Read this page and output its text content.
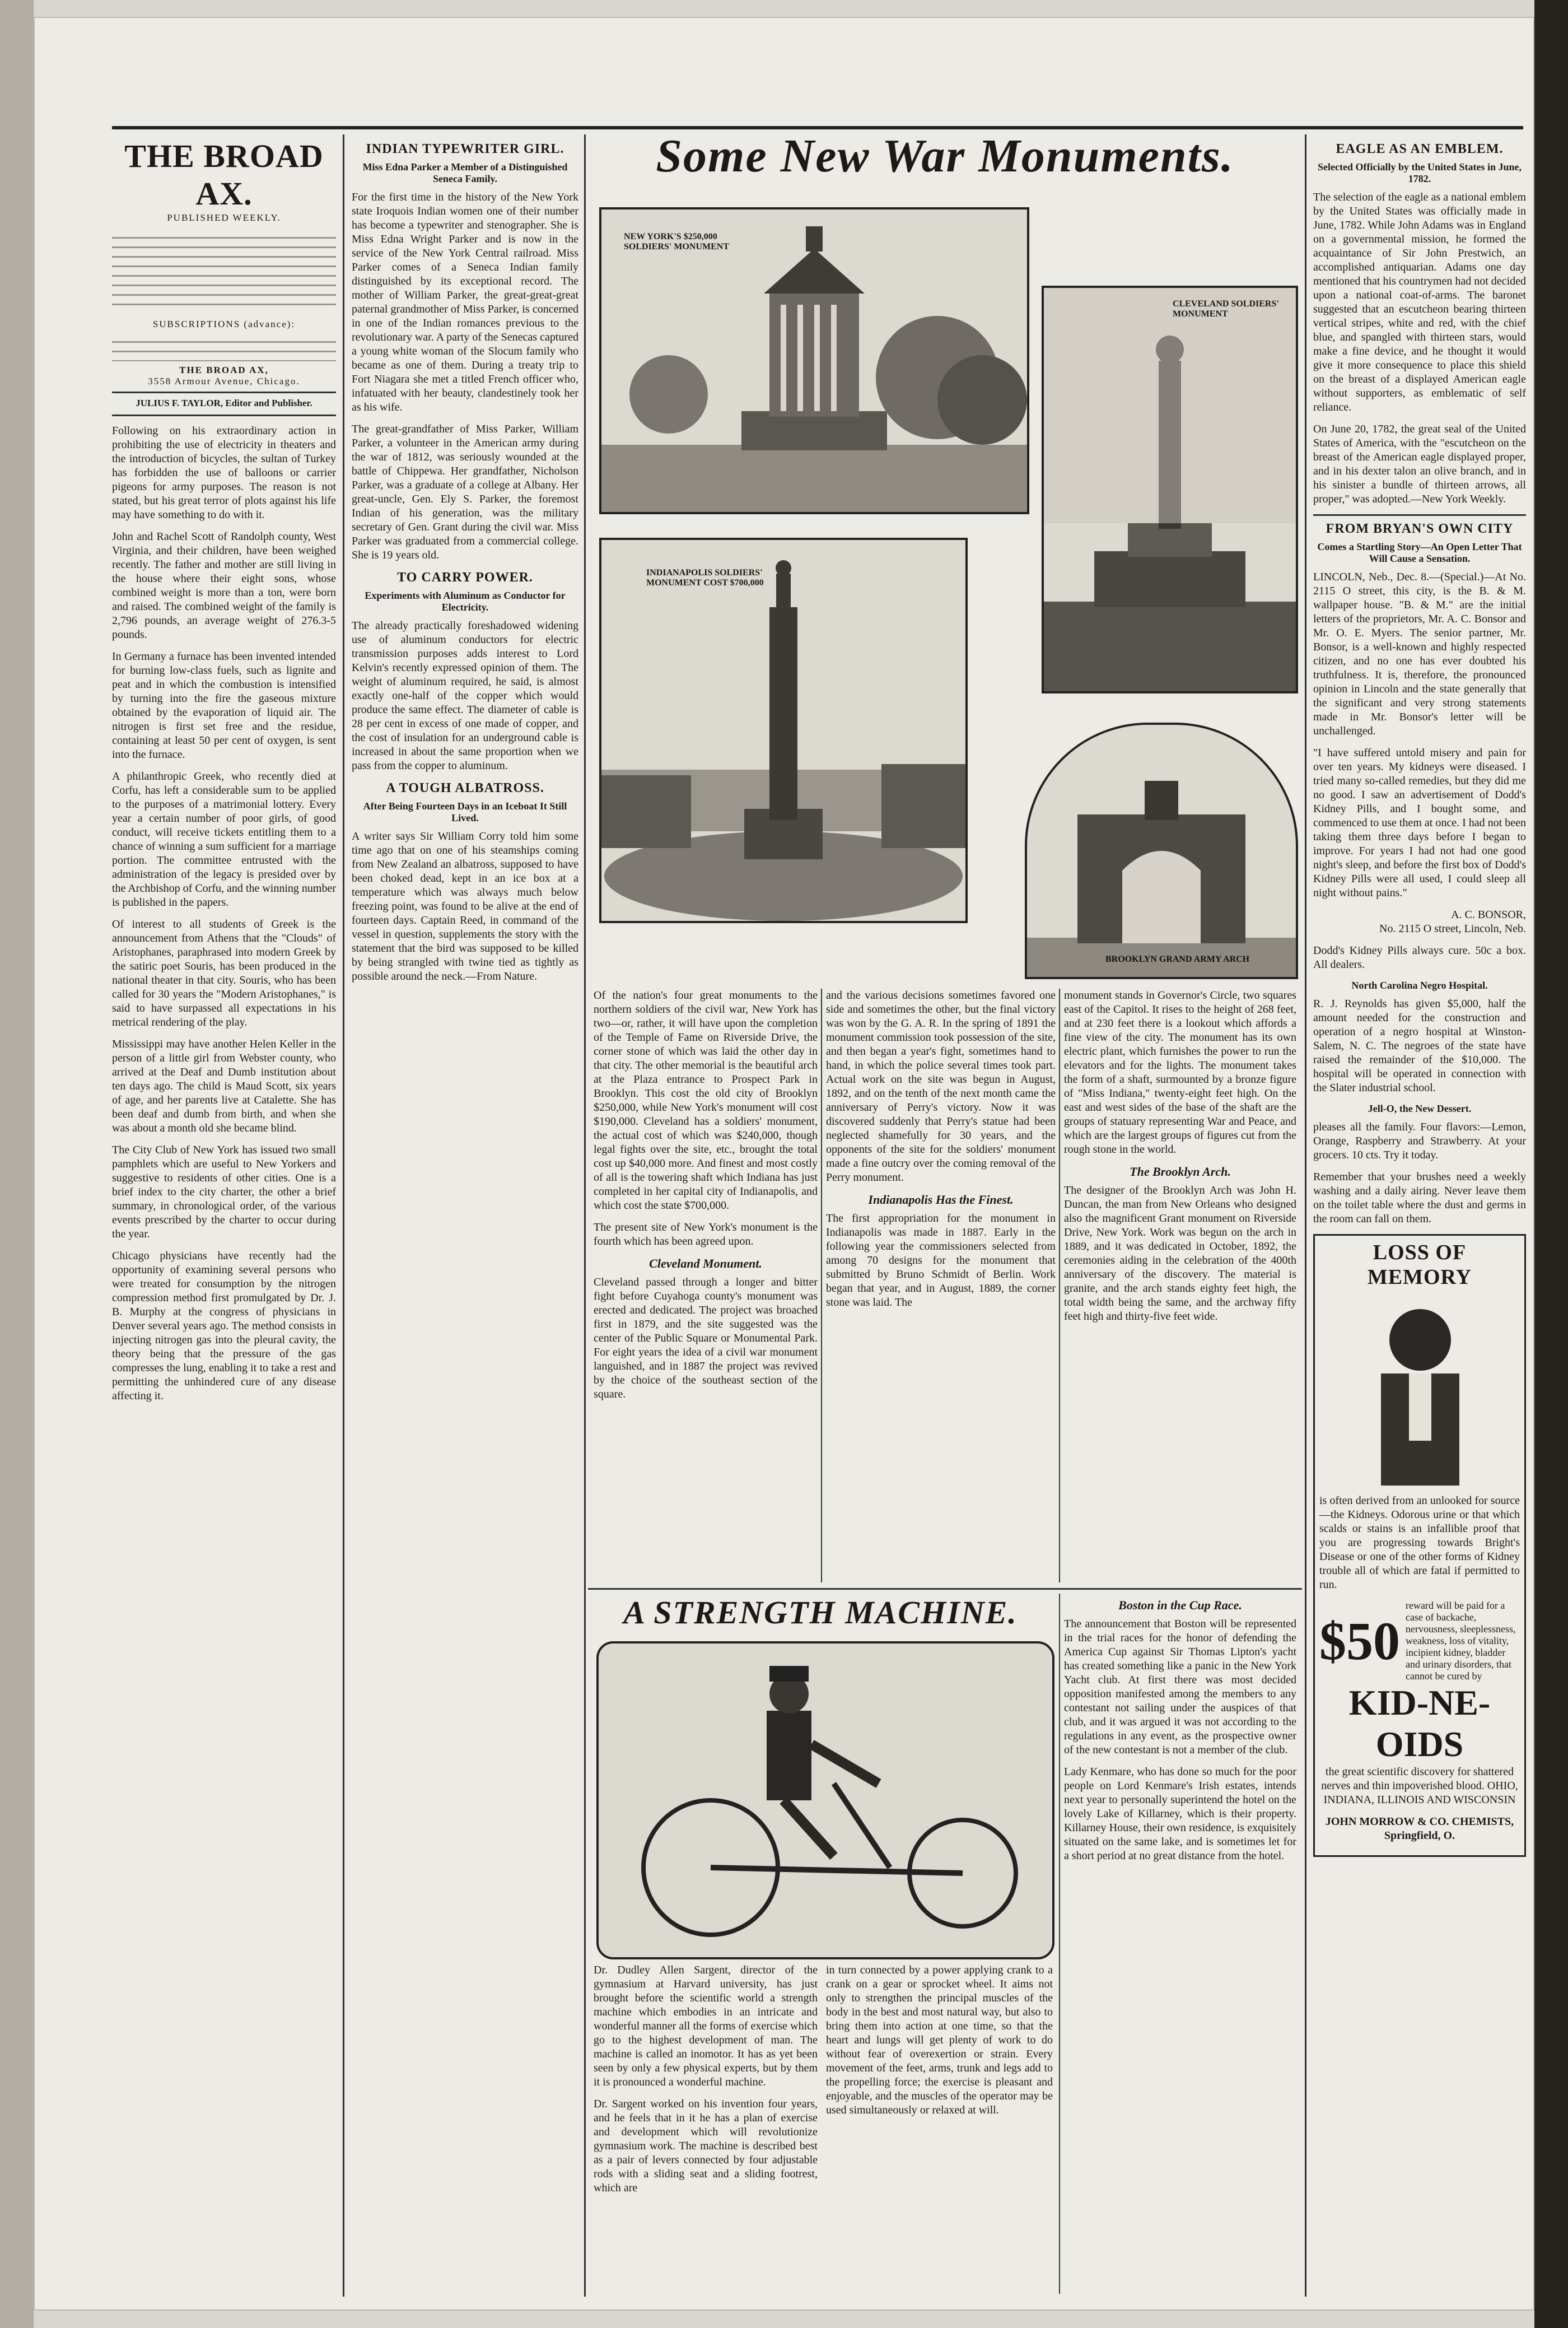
THE BROAD AX.
PUBLISHED WEEKLY.
SUBSCRIPTIONS (advance):
THE BROAD AX,
3558 Armour Avenue, Chicago.
JULIUS F. TAYLOR, Editor and Publisher.

Following on his extraordinary action in prohibiting the use of electricity in theaters and the introduction of bicycles, the sultan of Turkey has forbidden the use of balloons or carrier pigeons for army purposes. The reason is not stated, but his great terror of plots against his life may have something to do with it.

John and Rachel Scott of Randolph county, West Virginia, and their children, have been weighed recently. The father and mother are still living in the house where their eight sons, whose combined weight is more than a ton, were born and raised. The combined weight of the family is 2,796 pounds, an average weight of 276.3-5 pounds.

In Germany a furnace has been invented intended for burning low-class fuels, such as lignite and peat and in which the combustion is intensified by turning into the fire the gaseous mixture obtained by the evaporation of liquid air. The nitrogen is first set free and the residue, containing at least 50 per cent of oxygen, is sent into the furnace.

A philanthropic Greek, who recently died at Corfu, has left a considerable sum to be applied to the purposes of a matrimonial lottery. Every year a certain number of poor girls, of good conduct, will receive tickets entitling them to a chance of winning a sum sufficient for a marriage portion. The committee entrusted with the administration of the legacy is presided over by the Archbishop of Corfu, and the winning number is published in the papers.

Of interest to all students of Greek is the announcement from Athens that the "Clouds" of Aristophanes, paraphrased into modern Greek by the satiric poet Souris, has been produced in the national theater in that city. Souris, who has been called for 30 years the "Modern Aristophanes," is said to have surpassed all expectations in his metrical rendering of the play.

Mississippi may have another Helen Keller in the person of a little girl from Webster county, who arrived at the Deaf and Dumb institution about ten days ago. The child is Maud Scott, six years of age, and her parents live at Catalette. She has been deaf and dumb from birth, and when she was about a month old she became blind.

The City Club of New York has issued two small pamphlets which are useful to New Yorkers and suggestive to residents of other cities. One is a brief index to the city charter, the other a brief summary, in chronological order, of the various events prescribed by the charter to occur during the year.

Chicago physicians have recently had the opportunity of examining several persons who were treated for consumption by the nitrogen compression method first promulgated by Dr. J. B. Murphy at the congress of physicians in Denver several years ago. The method consists in injecting nitrogen gas into the pleural cavity, the theory being that the pressure of the gas compresses the lung, enabling it to take a rest and permitting the unhindered cure of any disease affecting it.

INDIAN TYPEWRITER GIRL.
Miss Edna Parker a Member of a Distinguished Seneca Family.

For the first time in the history of the New York state Iroquois Indian women one of their number has become a typewriter and stenographer. She is Miss Edna Wright Parker and is now in the service of the New York Central railroad. Miss Parker comes of a Seneca Indian family distinguished by its exceptional record. The mother of William Parker, the great-great-great paternal grandmother of Miss Parker, is concerned in one of the Indian romances previous to the revolutionary war. A party of the Senecas captured a young white woman of the Slocum family who became as one of them. During a treaty trip to Fort Niagara she met a titled French officer who, infatuated with her beauty, clandestinely took her as his wife.

The great-grandfather of Miss Parker, William Parker, a volunteer in the American army during the war of 1812, was seriously wounded at the battle of Chippewa. Her grandfather, Nicholson Parker, was a graduate of a college at Albany. Her great-uncle, Gen. Ely S. Parker, the foremost Indian of his generation, was the military secretary of Gen. Grant during the civil war. Miss Parker was graduated from a commercial college. She is 19 years old.

TO CARRY POWER.
Experiments with Aluminum as Conductor for Electricity.

The already practically foreshadowed widening use of aluminum conductors for electric transmission purposes adds interest to Lord Kelvin's recently expressed opinion of them. The weight of aluminum required, he said, is almost exactly one-half of the copper which would produce the same effect. The diameter of cable is 28 per cent in excess of one made of copper, and the cost of insulation for an underground cable is increased in about the same proportion when we pass from the copper to aluminum.

A TOUGH ALBATROSS.
After Being Fourteen Days in an Iceboat It Still Lived.

A writer says Sir William Corry told him some time ago that on one of his steamships coming from New Zealand an albatross, supposed to have been choked dead, kept in an ice box at a temperature which was always much below freezing point, was found to be alive at the end of fourteen days. Captain Reed, in command of the vessel in question, supplements the story with the statement that the bird was supposed to be killed by being strangled with twine tied as tightly as possible around the neck.—From Nature.

Some New War Monuments.
NEW YORK'S $250,000 SOLDIERS' MONUMENT
CLEVELAND SOLDIERS' MONUMENT
INDIANAPOLIS SOLDIERS' MONUMENT COST $700,000
BROOKLYN GRAND ARMY ARCH

Of the nation's four great monuments to the northern soldiers of the civil war, New York has two—or, rather, it will have upon the completion of the Temple of Fame on Riverside Drive, the corner stone of which was laid the other day in that city. The other memorial is the beautiful arch at the Plaza entrance to Prospect Park in Brooklyn. This cost the old city of Brooklyn $250,000, while New York's monument will cost $190,000. Cleveland has a soldiers' monument, the actual cost of which was $240,000, though legal fights over the site, etc., brought the total cost up $40,000 more. And finest and most costly of all is the towering shaft which Indiana has just completed in her capital city of Indianapolis, and which cost the state $700,000.

The present site of New York's monument is the fourth which has been agreed upon.

Cleveland Monument.

Cleveland passed through a longer and bitter fight before Cuyahoga county's monument was erected and dedicated. The project was broached first in 1879, and the site suggested was the center of the Public Square or Monumental Park. For eight years the idea of a civil war monument languished, and in 1887 the project was revived by the choice of the southeast section of the square.

and the various decisions sometimes favored one side and sometimes the other, but the final victory was won by the G. A. R. In the spring of 1891 the monument commission took possession of the site, and then began a year's fight, sometimes hand to hand, in which the police several times took part. Actual work on the site was begun in August, 1892, and on the tenth of the next month came the anniversary of Perry's victory. Now it was discovered suddenly that Perry's statue had been neglected shamefully for 30 years, and the opponents of the site for the soldiers' monument made a fine outcry over the coming removal of the Perry monument.

Indianapolis Has the Finest.

The first appropriation for the monument in Indianapolis was made in 1887. Early in the following year the commissioners selected from among 70 designs for the monument that submitted by Bruno Schmidt of Berlin. Work began that year, and in August, 1889, the corner stone was laid. The

monument stands in Governor's Circle, two squares east of the Capitol. It rises to the height of 268 feet, and at 230 feet there is a lookout which affords a fine view of the city. The monument has its own electric plant, which furnishes the power to run the elevators and for the lights. The monument takes the form of a shaft, surmounted by a bronze figure of "Miss Indiana," twenty-eight feet high. On the east and west sides of the base of the shaft are the groups of statuary representing War and Peace, and which are the largest groups of figures cut from the rough stone in the world.

The Brooklyn Arch.

The designer of the Brooklyn Arch was John H. Duncan, the man from New Orleans who designed also the magnificent Grant monument on Riverside Drive, New York. Work was begun on the arch in 1889, and it was dedicated in October, 1892, the ceremonies aiding in the celebration of the 400th anniversary of the discovery. The material is granite, and the arch stands eighty feet high, the total width being the same, and the archway fifty feet high and thirty-five feet wide.

A STRENGTH MACHINE.

Dr. Dudley Allen Sargent, director of the gymnasium at Harvard university, has just brought before the scientific world a strength machine which embodies in an intricate and wonderful manner all the forms of exercise which go to the highest development of man. The machine is called an inomotor. It has as yet been seen by only a few physical experts, but by them it is pronounced a wonderful machine.

Dr. Sargent worked on his invention four years, and he feels that in it he has a plan of exercise and development which will revolutionize gymnasium work. The machine is described best as a pair of levers connected by four adjustable rods with a sliding seat and a sliding footrest, which are

in turn connected by a power applying crank to a crank on a gear or sprocket wheel. It aims not only to strengthen the principal muscles of the body in the best and most natural way, but also to bring them into action at one time, so that the heart and lungs will get plenty of work to do without fear of overexertion or strain. Every movement of the feet, arms, trunk and legs add to the propelling force; the exercise is pleasant and enjoyable, and the muscles of the operator may be used simultaneously or relaxed at will.

Boston in the Cup Race.

The announcement that Boston will be represented in the trial races for the honor of defending the America Cup against Sir Thomas Lipton's yacht has created something like a panic in the New York Yacht club. At first there was most decided opposition manifested among the members to any contestant not sailing under the auspices of that club, and it was argued it was not according to the regulations in any event, as the prospective owner of the new contestant is not a member of the club.

Lady Kenmare, who has done so much for the poor people on Lord Kenmare's Irish estates, intends next year to personally superintend the hotel on the lovely Lake of Killarney, which is their property. Killarney House, their own residence, is exquisitely situated on the same lake, and is sometimes let for a short period at no great distance from the hotel.

EAGLE AS AN EMBLEM.
Selected Officially by the United States in June, 1782.

The selection of the eagle as a national emblem by the United States was officially made in June, 1782. While John Adams was in England on a governmental mission, he formed the acquaintance of Sir John Prestwich, an accomplished antiquarian. Adams one day mentioned that his countrymen had not decided upon a national coat-of-arms. The baronet suggested that an escutcheon bearing thirteen vertical stripes, white and red, with the chief blue, and spangled with thirteen stars, would make a fine device, and he thought it would give it more consequence to place this shield on the breast of a displayed American eagle without supporters, as emblematic of self reliance.

On June 20, 1782, the great seal of the United States of America, with the "escutcheon on the breast of the American eagle displayed proper, and in his dexter talon an olive branch, and in his sinister a bundle of thirteen arrows, all proper," was adopted.—New York Weekly.

FROM BRYAN'S OWN CITY
Comes a Startling Story—An Open Letter That Will Cause a Sensation.

LINCOLN, Neb., Dec. 8.—(Special.)—At No. 2115 O street, this city, is the B. & M. wallpaper house. "B. & M." are the initial letters of the proprietors, Mr. A. C. Bonsor and Mr. O. E. Myers. The senior partner, Mr. Bonsor, is a well-known and highly respected citizen, and no one has ever doubted his truthfulness. It is, therefore, the pronounced opinion in Lincoln and the state generally that the significant and very strong statements made in Mr. Bonsor's letter will be unchallenged.

"I have suffered untold misery and pain for over ten years. My kidneys were diseased. I tried many so-called remedies, but they did me no good. I saw an advertisement of Dodd's Kidney Pills, and I bought some, and commenced to use them at once. I had not been taking them three days before I began to improve. For years I had not had one good night's sleep, and before the first box of Dodd's Kidney Pills were all used, I could sleep all night without pains."

A. C. BONSOR,

No. 2115 O street, Lincoln, Neb.

Dodd's Kidney Pills always cure. 50c a box. All dealers.

North Carolina Negro Hospital.

R. J. Reynolds has given $5,000, half the amount needed for the construction and operation of a negro hospital at Winston-Salem, N. C. The negroes of the state have raised the remainder of the $10,000. The hospital will be operated in connection with the Slater industrial school.

Jell-O, the New Dessert.

pleases all the family. Four flavors:—Lemon, Orange, Raspberry and Strawberry. At your grocers. 10 cts. Try it today.

Remember that your brushes need a weekly washing and a daily airing. Never leave them on the toilet table where the dust and germs in the room can fall on them.

LOSS OF MEMORY

is often derived from an unlooked for source—the Kidneys. Odorous urine or that which scalds or stains is an infallible proof that you are progressing towards Bright's Disease or one of the other forms of Kidney trouble all of which are fatal if permitted to run.

$50
reward will be paid for a case of backache, nervousness, sleeplessness, weakness, loss of vitality, incipient kidney, bladder and urinary disorders, that cannot be cured by
KID-NE-OIDS

the great scientific discovery for shattered nerves and thin impoverished blood. OHIO, INDIANA, ILLINOIS AND WISCONSIN

JOHN MORROW & CO. CHEMISTS, Springfield, O.
